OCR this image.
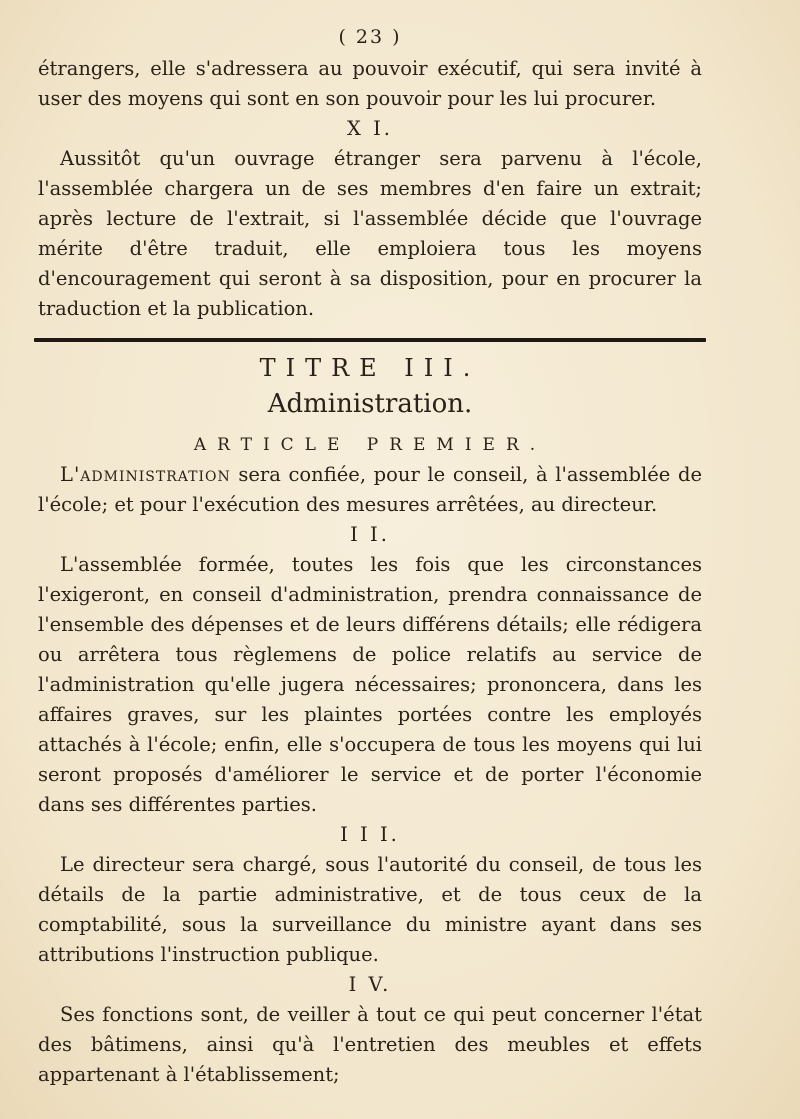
( 23 )

étrangers, elle s'adressera au pouvoir exécutif, qui sera invité à user des moyens qui sont en son pouvoir pour les lui procurer.

X I.

Aussitôt qu'un ouvrage étranger sera parvenu à l'école, l'assemblée chargera un de ses membres d'en faire un extrait; après lecture de l'extrait, si l'assemblée décide que l'ouvrage mérite d'être traduit, elle emploiera tous les moyens d'encouragement qui seront à sa disposition, pour en procurer la traduction et la publication.

TITRE III.
Administration.
ARTICLE PREMIER.

L'administration sera confiée, pour le conseil, à l'assemblée de l'école; et pour l'exécution des mesures arrêtées, au directeur.

I I.

L'assemblée formée, toutes les fois que les circonstances l'exigeront, en conseil d'administration, prendra connaissance de l'ensemble des dépenses et de leurs différens détails; elle rédigera ou arrêtera tous règlemens de police relatifs au service de l'administration qu'elle jugera nécessaires; prononcera, dans les affaires graves, sur les plaintes portées contre les employés attachés à l'école; enfin, elle s'occupera de tous les moyens qui lui seront proposés d'améliorer le service et de porter l'économie dans ses différentes parties.

I I I.

Le directeur sera chargé, sous l'autorité du conseil, de tous les détails de la partie administrative, et de tous ceux de la comptabilité, sous la surveillance du ministre ayant dans ses attributions l'instruction publique.

I V.

Ses fonctions sont, de veiller à tout ce qui peut concerner l'état des bâtimens, ainsi qu'à l'entretien des meubles et effets appartenant à l'établissement;
